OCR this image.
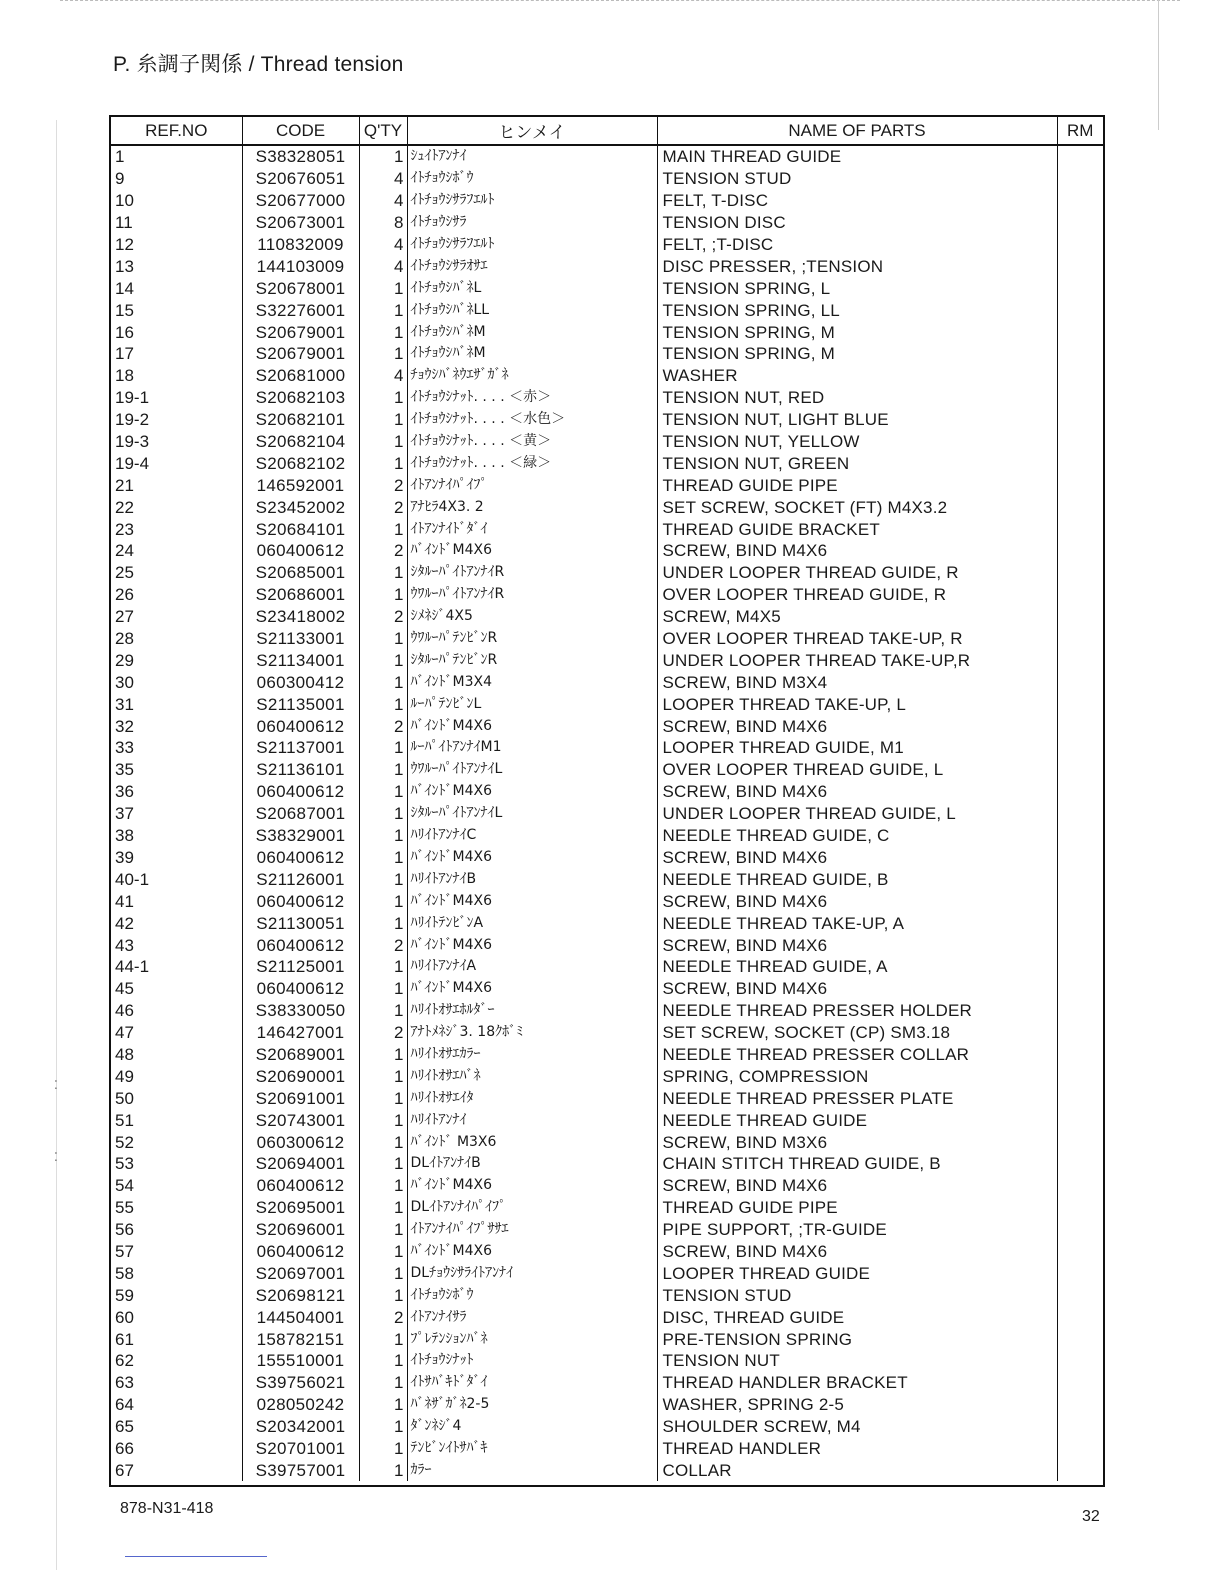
P. 糸調子関係 / Thread tension
REF.NO	CODE	Q'TY	ヒンメイ	NAME OF PARTS	RM
1	S38328051	1	ｼｭｲﾄｱﾝﾅｲ	MAIN THREAD GUIDE	
9	S20676051	4	ｲﾄﾁｮｳｼﾎﾞｳ	TENSION STUD	
10	S20677000	4	ｲﾄﾁｮｳｼｻﾗﾌｴﾙﾄ	FELT, T-DISC	
11	S20673001	8	ｲﾄﾁｮｳｼｻﾗ	TENSION DISC	
12	110832009	4	ｲﾄﾁｮｳｼｻﾗﾌｴﾙﾄ	FELT, ;T-DISC	
13	144103009	4	ｲﾄﾁｮｳｼｻﾗｵｻｴ	DISC PRESSER, ;TENSION	
14	S20678001	1	ｲﾄﾁｮｳｼﾊﾞﾈL	TENSION SPRING, L	
15	S32276001	1	ｲﾄﾁｮｳｼﾊﾞﾈLL	TENSION SPRING, LL	
16	S20679001	1	ｲﾄﾁｮｳｼﾊﾞﾈM	TENSION SPRING, M	
17	S20679001	1	ｲﾄﾁｮｳｼﾊﾞﾈM	TENSION SPRING, M	
18	S20681000	4	ﾁｮｳｼﾊﾞﾈｳｴｻﾞｶﾞﾈ	WASHER	
19-1	S20682103	1	ｲﾄﾁｮｳｼﾅｯﾄ. . . . ＜赤＞	TENSION NUT, RED	
19-2	S20682101	1	ｲﾄﾁｮｳｼﾅｯﾄ. . . . ＜水色＞	TENSION NUT, LIGHT BLUE	
19-3	S20682104	1	ｲﾄﾁｮｳｼﾅｯﾄ. . . . ＜黄＞	TENSION NUT, YELLOW	
19-4	S20682102	1	ｲﾄﾁｮｳｼﾅｯﾄ. . . . ＜緑＞	TENSION NUT, GREEN	
21	146592001	2	ｲﾄｱﾝﾅｲﾊﾟｲﾌﾟ	THREAD GUIDE PIPE	
22	S23452002	2	ｱﾅﾋﾗ4X3. 2	SET SCREW, SOCKET (FT) M4X3.2	
23	S20684101	1	ｲﾄｱﾝﾅｲﾄﾞﾀﾞｲ	THREAD GUIDE BRACKET	
24	060400612	2	ﾊﾞｲﾝﾄﾞM4X6	SCREW, BIND M4X6	
25	S20685001	1	ｼﾀﾙｰﾊﾟｲﾄｱﾝﾅｲR	UNDER LOOPER THREAD GUIDE, R	
26	S20686001	1	ｳﾜﾙｰﾊﾟｲﾄｱﾝﾅｲR	OVER LOOPER THREAD GUIDE, R	
27	S23418002	2	ｼﾒﾈｼﾞ4X5	SCREW, M4X5	
28	S21133001	1	ｳﾜﾙｰﾊﾟﾃﾝﾋﾞﾝR	OVER LOOPER THREAD TAKE-UP, R	
29	S21134001	1	ｼﾀﾙｰﾊﾟﾃﾝﾋﾞﾝR	UNDER LOOPER THREAD TAKE-UP,R	
30	060300412	1	ﾊﾞｲﾝﾄﾞM3X4	SCREW, BIND M3X4	
31	S21135001	1	ﾙｰﾊﾟﾃﾝﾋﾞﾝL	LOOPER THREAD TAKE-UP, L	
32	060400612	2	ﾊﾞｲﾝﾄﾞM4X6	SCREW, BIND M4X6	
33	S21137001	1	ﾙｰﾊﾟｲﾄｱﾝﾅｲM1	LOOPER THREAD GUIDE, M1	
35	S21136101	1	ｳﾜﾙｰﾊﾟｲﾄｱﾝﾅｲL	OVER LOOPER THREAD GUIDE, L	
36	060400612	1	ﾊﾞｲﾝﾄﾞM4X6	SCREW, BIND M4X6	
37	S20687001	1	ｼﾀﾙｰﾊﾟｲﾄｱﾝﾅｲL	UNDER LOOPER THREAD GUIDE, L	
38	S38329001	1	ﾊﾘｲﾄｱﾝﾅｲC	NEEDLE THREAD GUIDE, C	
39	060400612	1	ﾊﾞｲﾝﾄﾞM4X6	SCREW, BIND M4X6	
40-1	S21126001	1	ﾊﾘｲﾄｱﾝﾅｲB	NEEDLE THREAD GUIDE, B	
41	060400612	1	ﾊﾞｲﾝﾄﾞM4X6	SCREW, BIND M4X6	
42	S21130051	1	ﾊﾘｲﾄﾃﾝﾋﾞﾝA	NEEDLE THREAD TAKE-UP, A	
43	060400612	2	ﾊﾞｲﾝﾄﾞM4X6	SCREW, BIND M4X6	
44-1	S21125001	1	ﾊﾘｲﾄｱﾝﾅｲA	NEEDLE THREAD GUIDE, A	
45	060400612	1	ﾊﾞｲﾝﾄﾞM4X6	SCREW, BIND M4X6	
46	S38330050	1	ﾊﾘｲﾄｵｻｴﾎﾙﾀﾞｰ	NEEDLE THREAD PRESSER HOLDER	
47	146427001	2	ｱﾅﾄﾒﾈｼﾞ3. 18ｸﾎﾞﾐ	SET SCREW, SOCKET (CP) SM3.18	
48	S20689001	1	ﾊﾘｲﾄｵｻｴｶﾗｰ	NEEDLE THREAD PRESSER COLLAR	
49	S20690001	1	ﾊﾘｲﾄｵｻｴﾊﾞﾈ	SPRING, COMPRESSION	
50	S20691001	1	ﾊﾘｲﾄｵｻｴｲﾀ	NEEDLE THREAD PRESSER PLATE	
51	S20743001	1	ﾊﾘｲﾄｱﾝﾅｲ	NEEDLE THREAD GUIDE	
52	060300612	1	ﾊﾞｲﾝﾄﾞ M3X6	SCREW, BIND M3X6	
53	S20694001	1	DLｲﾄｱﾝﾅｲB	CHAIN STITCH THREAD GUIDE, B	
54	060400612	1	ﾊﾞｲﾝﾄﾞM4X6	SCREW, BIND M4X6	
55	S20695001	1	DLｲﾄｱﾝﾅｲﾊﾟｲﾌﾟ	THREAD GUIDE PIPE	
56	S20696001	1	ｲﾄｱﾝﾅｲﾊﾟｲﾌﾟｻｻｴ	PIPE SUPPORT, ;TR-GUIDE	
57	060400612	1	ﾊﾞｲﾝﾄﾞM4X6	SCREW, BIND M4X6	
58	S20697001	1	DLﾁｮｳｼｻﾗｲﾄｱﾝﾅｲ	LOOPER THREAD GUIDE	
59	S20698121	1	ｲﾄﾁｮｳｼﾎﾞｳ	TENSION STUD	
60	144504001	2	ｲﾄｱﾝﾅｲｻﾗ	DISC, THREAD GUIDE	
61	158782151	1	ﾌﾟﾚﾃﾝｼｮﾝﾊﾞﾈ	PRE-TENSION SPRING	
62	155510001	1	ｲﾄﾁｮｳｼﾅｯﾄ	TENSION NUT	
63	S39756021	1	ｲﾄｻﾊﾞｷﾄﾞﾀﾞｲ	THREAD HANDLER BRACKET	
64	028050242	1	ﾊﾞﾈｻﾞｶﾞﾈ2-5	WASHER, SPRING 2-5	
65	S20342001	1	ﾀﾞﾝﾈｼﾞ4	SHOULDER SCREW, M4	
66	S20701001	1	ﾃﾝﾋﾞﾝｲﾄｻﾊﾞｷ	THREAD HANDLER	
67	S39757001	1	ｶﾗｰ	COLLAR	
878-N31-418	32
⁚
⁚
